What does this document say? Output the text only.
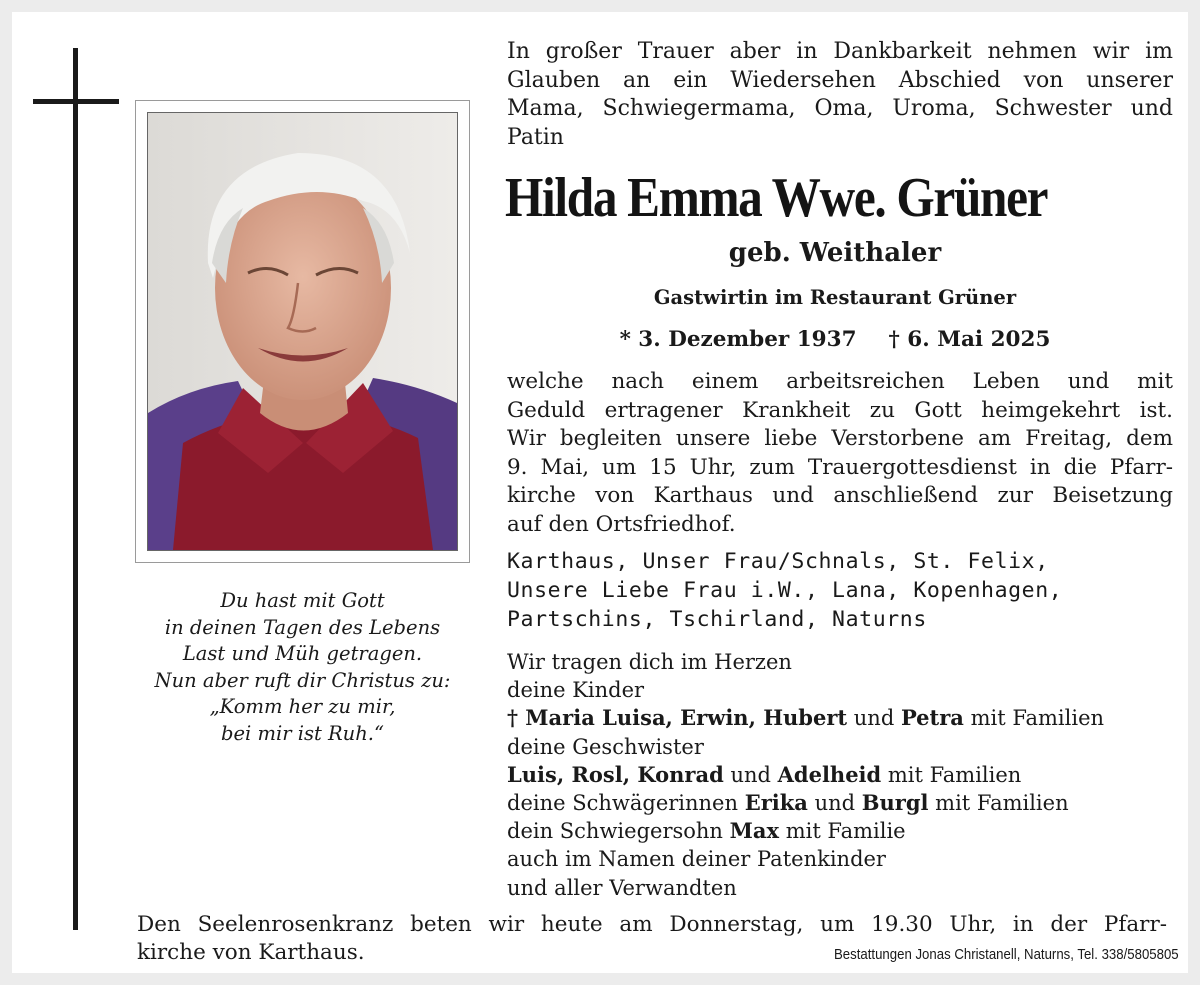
Du hast mit Gott
in deinen Tagen des Lebens
Last und Müh getragen.
Nun aber ruft dir Christus zu:
„Komm her zu mir,
bei mir ist Ruh.“
In großer Trauer aber in Dankbarkeit nehmen wir im
Glauben an ein Wiedersehen Abschied von unserer
Mama, Schwiegermama, Oma, Uroma, Schwester und
Patin
Hilda Emma Wwe. Grüner
geb. Weithaler
Gastwirtin im Restaurant Grüner
* 3. Dezember 1937 † 6. Mai 2025
welche nach einem arbeitsreichen Leben und mit
Geduld ertragener Krankheit zu Gott heimgekehrt ist.
Wir begleiten unsere liebe Verstorbene am Freitag, dem
9. Mai, um 15 Uhr, zum Trauergottesdienst in die Pfarr-
kirche von Karthaus und anschließend zur Beisetzung
auf den Ortsfriedhof.
Karthaus, Unser Frau/Schnals, St. Felix,
Unsere Liebe Frau i.W., Lana, Kopenhagen,
Partschins, Tschirland, Naturns
Wir tragen dich im Herzen
deine Kinder
† Maria Luisa, Erwin, Hubert und Petra mit Familien
deine Geschwister
Luis, Rosl, Konrad und Adelheid mit Familien
deine Schwägerinnen Erika und Burgl mit Familien
dein Schwiegersohn Max mit Familie
auch im Namen deiner Patenkinder
und aller Verwandten
Den Seelenrosenkranz beten wir heute am Donnerstag, um 19.30 Uhr, in der Pfarr-
kirche von Karthaus.	Bestattungen Jonas Christanell, Naturns, Tel. 338/5805805
